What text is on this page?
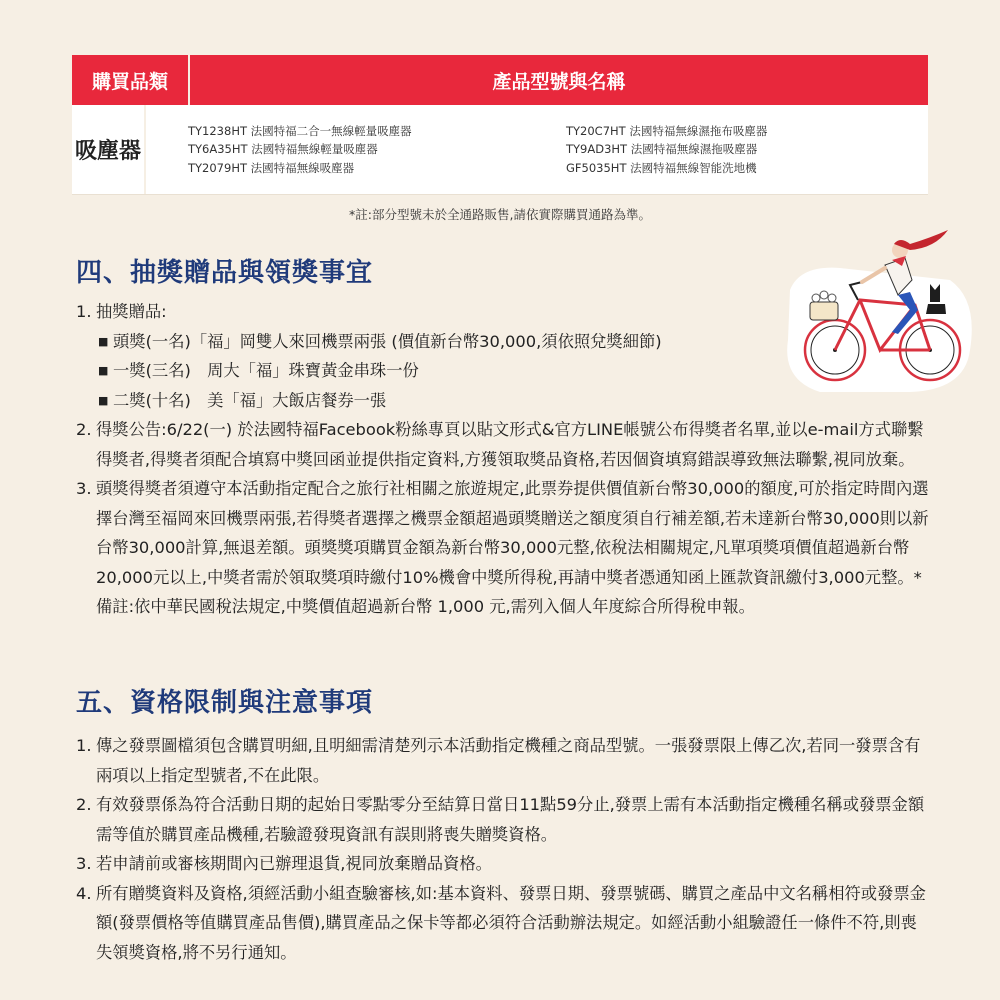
購買品類	產品型號與名稱
吸塵器
TY1238HT 法國特福二合一無線輕量吸塵器
TY6A35HT 法國特福無線輕量吸塵器
TY2079HT 法國特福無線吸塵器
TY20C7HT 法國特福無線濕拖布吸塵器
TY9AD3HT 法國特福無線濕拖吸塵器
GF5035HT 法國特福無線智能洗地機
*註:部分型號未於全通路販售,請依實際購買通路為準。
四、抽獎贈品與領獎事宜
1. 抽獎贈品:
■ 頭獎(一名)「福」岡雙人來回機票兩張 (價值新台幣30,000,須依照兌獎細節)
■ 一獎(三名)　周大「福」珠寶黃金串珠一份
■ 二獎(十名)　美「福」大飯店餐券一張
2. 得獎公告:6/22(一) 於法國特福Facebook粉絲專頁以貼文形式&官方LINE帳號公布得獎者名單,並以e-mail方式聯繫得獎者,得獎者須配合填寫中獎回函並提供指定資料,方獲領取獎品資格,若因個資填寫錯誤導致無法聯繫,視同放棄。
3. 頭獎得獎者須遵守本活動指定配合之旅行社相關之旅遊規定,此票券提供價值新台幣30,000的額度,可於指定時間內選擇台灣至福岡來回機票兩張,若得獎者選擇之機票金額超過頭獎贈送之額度須自行補差額,若未達新台幣30,000則以新台幣30,000計算,無退差額。頭獎獎項購買金額為新台幣30,000元整,依稅法相關規定,凡單項獎項價值超過新台幣20,000元以上,中獎者需於領取獎項時繳付10%機會中獎所得稅,再請中獎者憑通知函上匯款資訊繳付3,000元整。*備註:依中華民國稅法規定,中獎價值超過新台幣 1,000 元,需列入個人年度綜合所得稅申報。
五、資格限制與注意事項
1. 傳之發票圖檔須包含購買明細,且明細需清楚列示本活動指定機種之商品型號。一張發票限上傳乙次,若同一發票含有兩項以上指定型號者,不在此限。
2. 有效發票係為符合活動日期的起始日零點零分至結算日當日11點59分止,發票上需有本活動指定機種名稱或發票金額需等值於購買產品機種,若驗證發現資訊有誤則將喪失贈獎資格。
3. 若申請前或審核期間內已辦理退貨,視同放棄贈品資格。
4. 所有贈獎資料及資格,須經活動小組查驗審核,如:基本資料、發票日期、發票號碼、購買之產品中文名稱相符或發票金額(發票價格等值購買產品售價),購買產品之保卡等都必須符合活動辦法規定。如經活動小組驗證任一條件不符,則喪失領獎資格,將不另行通知。
